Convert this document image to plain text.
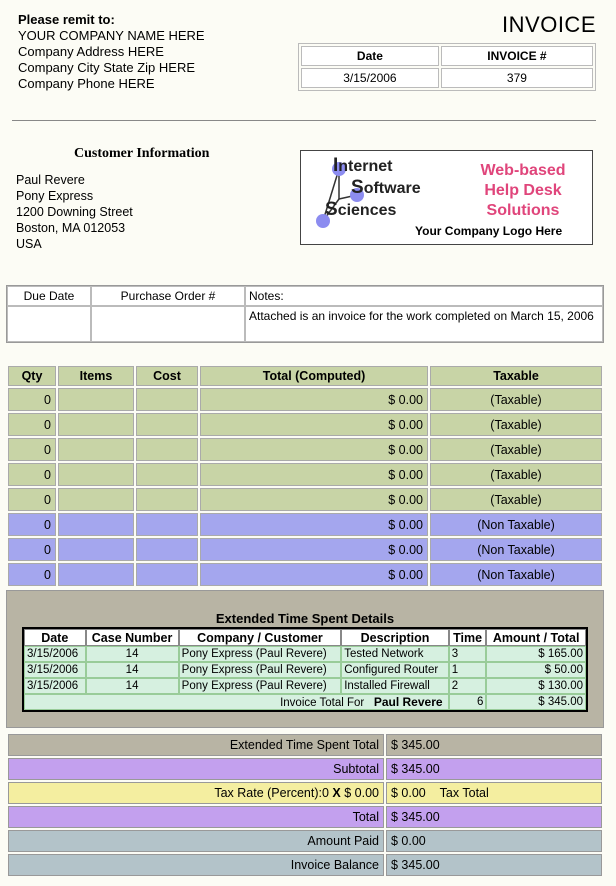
Please remit to:
YOUR COMPANY NAME HERE
Company Address HERE
Company City State Zip HERE
Company Phone HERE
INVOICE
Date	INVOICE #
3/15/2006	379
Customer Information
Paul Revere
Pony Express
1200 Downing Street
Boston, MA 012053
USA
Internet
Software
Sciences
Web-based
Help Desk
Solutions
Your Company Logo Here
Due Date	Purchase Order #	Notes:
		Attached is an invoice for the work completed on March 15, 2006
Qty	Items	Cost	Total (Computed)	Taxable
0			$ 0.00	(Taxable)
0			$ 0.00	(Taxable)
0			$ 0.00	(Taxable)
0			$ 0.00	(Taxable)
0			$ 0.00	(Taxable)
0			$ 0.00	(Non Taxable)
0			$ 0.00	(Non Taxable)
0			$ 0.00	(Non Taxable)
Extended Time Spent Details
Date	Case Number	Company / Customer	Description	Time	Amount / Total
3/15/2006	14	Pony Express (Paul Revere)	Tested Network	3	$ 165.00
3/15/2006	14	Pony Express (Paul Revere)	Configured Router	1	$ 50.00
3/15/2006	14	Pony Express (Paul Revere)	Installed Firewall	2	$ 130.00
Invoice Total For Paul Revere				6	$ 345.00
Extended Time Spent Total	$ 345.00
Subtotal	$ 345.00
Tax Rate (Percent):0 X $ 0.00	$ 0.00 Tax Total
Total	$ 345.00
Amount Paid	$ 0.00
Invoice Balance	$ 345.00
